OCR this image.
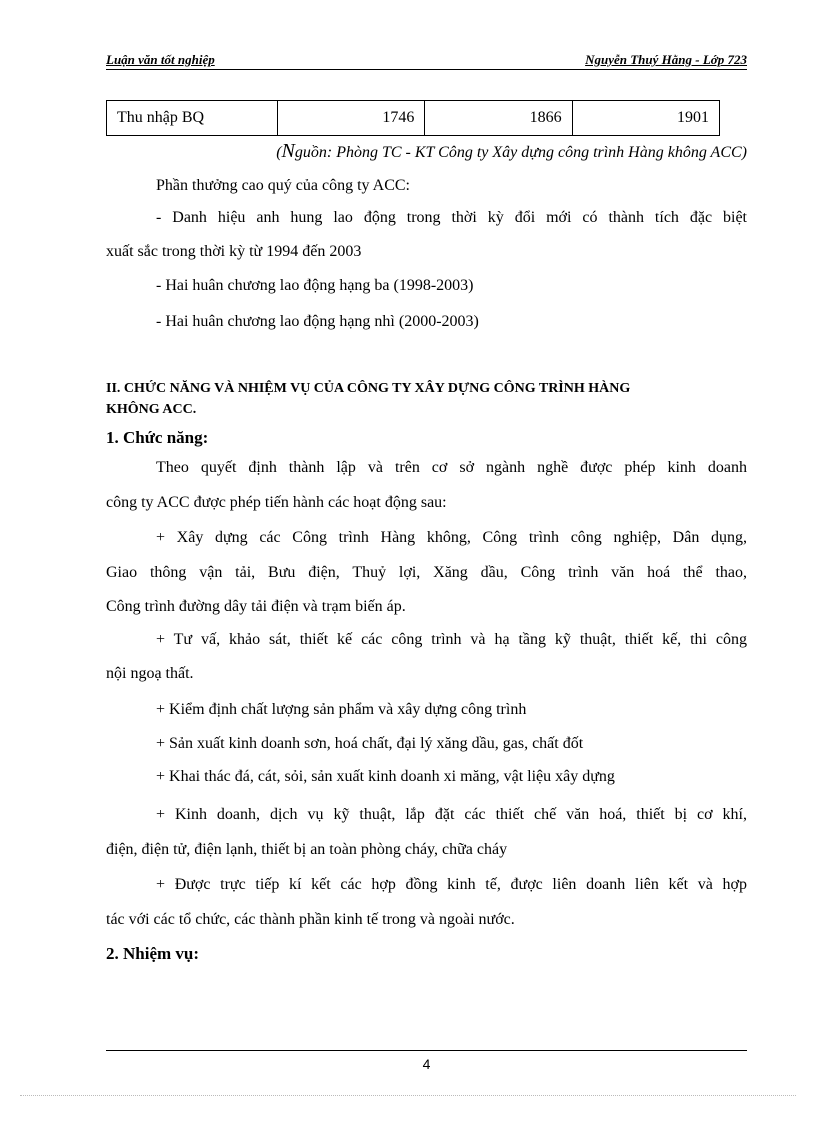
Luận văn tốt nghiệp	Nguyễn Thuý Hằng - Lớp 723
Thu nhập BQ	1746	1866	1901
(Nguồn: Phòng TC - KT Công ty Xây dựng công trình Hàng không ACC)
Phần thưởng cao quý của công ty ACC:
- Danh hiệu anh hung lao động trong thời kỳ đổi mới có thành tích đặc biệt
xuất sắc trong thời kỳ từ 1994 đến 2003
- Hai huân chương lao động hạng ba (1998-2003)
- Hai huân chương lao động hạng nhì (2000-2003)
II. CHỨC NĂNG VÀ NHIỆM VỤ CỦA CÔNG TY XÂY DỰNG CÔNG TRÌNH HÀNG
KHÔNG ACC.
1. Chức năng:
Theo quyết định thành lập và trên cơ sở ngành nghề được phép kinh doanh
công ty ACC được phép tiến hành các hoạt động sau:
+ Xây dựng các Công trình Hàng không, Công trình công nghiệp, Dân dụng,
Giao thông vận tải, Bưu điện, Thuỷ lợi, Xăng dầu, Công trình văn hoá thể thao,
Công trình đường dây tải điện và trạm biến áp.
+ Tư vấ, khảo sát, thiết kế các công trình và hạ tầng kỹ thuật, thiết kế, thi công
nội ngoạ thất.
+ Kiểm định chất lượng sản phẩm và xây dựng công trình
+ Sản xuất kinh doanh sơn, hoá chất, đại lý xăng dầu, gas, chất đốt
+ Khai thác đá, cát, sỏi, sản xuất kinh doanh xi măng, vật liệu xây dựng
+ Kinh doanh, dịch vụ kỹ thuật, lắp đặt các thiết chế văn hoá, thiết bị cơ khí,
điện, điện tử, điện lạnh, thiết bị an toàn phòng cháy, chữa cháy
+ Được trực tiếp kí kết các hợp đồng kinh tế, được liên doanh liên kết và hợp
tác với các tổ chức, các thành phần kinh tế trong và ngoài nước.
2. Nhiệm vụ:
4
